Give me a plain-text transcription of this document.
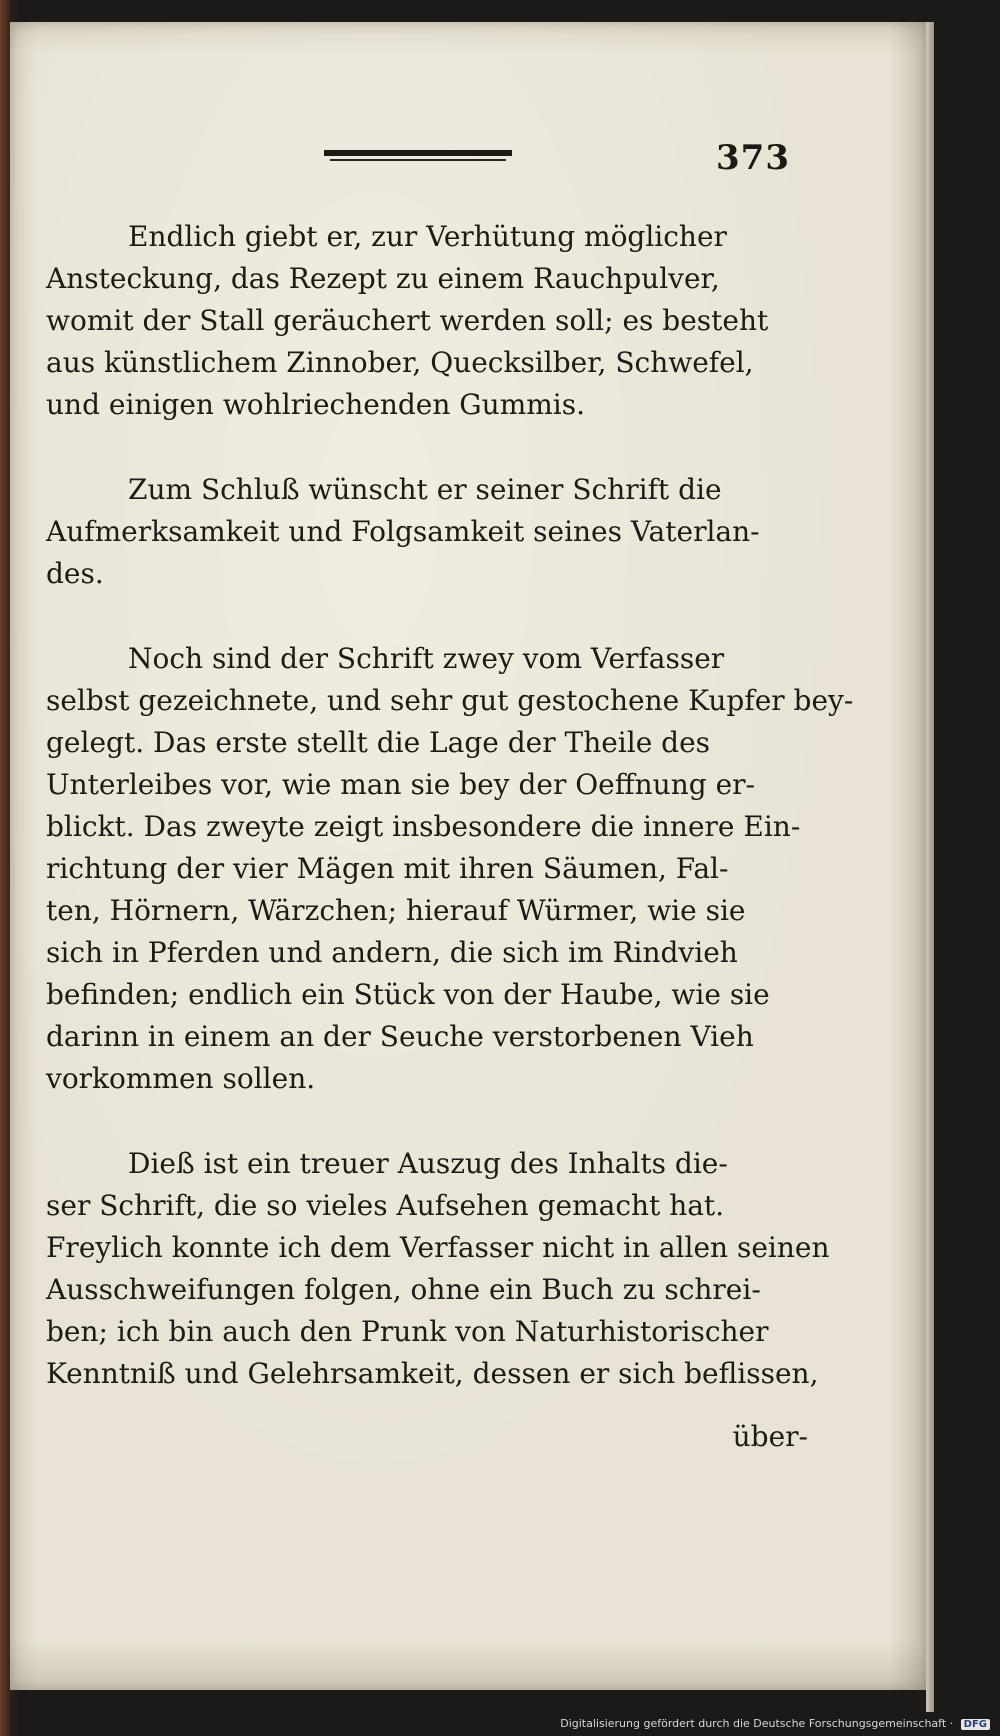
373
Endlich giebt er, zur Verhütung möglicher
Ansteckung, das Rezept zu einem Rauchpulver,
womit der Stall geräuchert werden soll; es besteht
aus künstlichem Zinnober, Quecksilber, Schwefel,
und einigen wohlriechenden Gummis.
Zum Schluß wünscht er seiner Schrift die
Aufmerksamkeit und Folgsamkeit seines Vaterlan-
des.
Noch sind der Schrift zwey vom Verfasser
selbst gezeichnete, und sehr gut gestochene Kupfer bey-
gelegt. Das erste stellt die Lage der Theile des
Unterleibes vor, wie man sie bey der Oeffnung er-
blickt. Das zweyte zeigt insbesondere die innere Ein-
richtung der vier Mägen mit ihren Säumen, Fal-
ten, Hörnern, Wärzchen; hierauf Würmer, wie sie
sich in Pferden und andern, die sich im Rindvieh
befinden; endlich ein Stück von der Haube, wie sie
darinn in einem an der Seuche verstorbenen Vieh
vorkommen sollen.
Dieß ist ein treuer Auszug des Inhalts die-
ser Schrift, die so vieles Aufsehen gemacht hat.
Freylich konnte ich dem Verfasser nicht in allen seinen
Ausschweifungen folgen, ohne ein Buch zu schrei-
ben; ich bin auch den Prunk von Naturhistorischer
Kenntniß und Gelehrsamkeit, dessen er sich beflissen,
über‑
Digitalisierung gefördert durch die Deutsche Forschungsgemeinschaft · DFG
